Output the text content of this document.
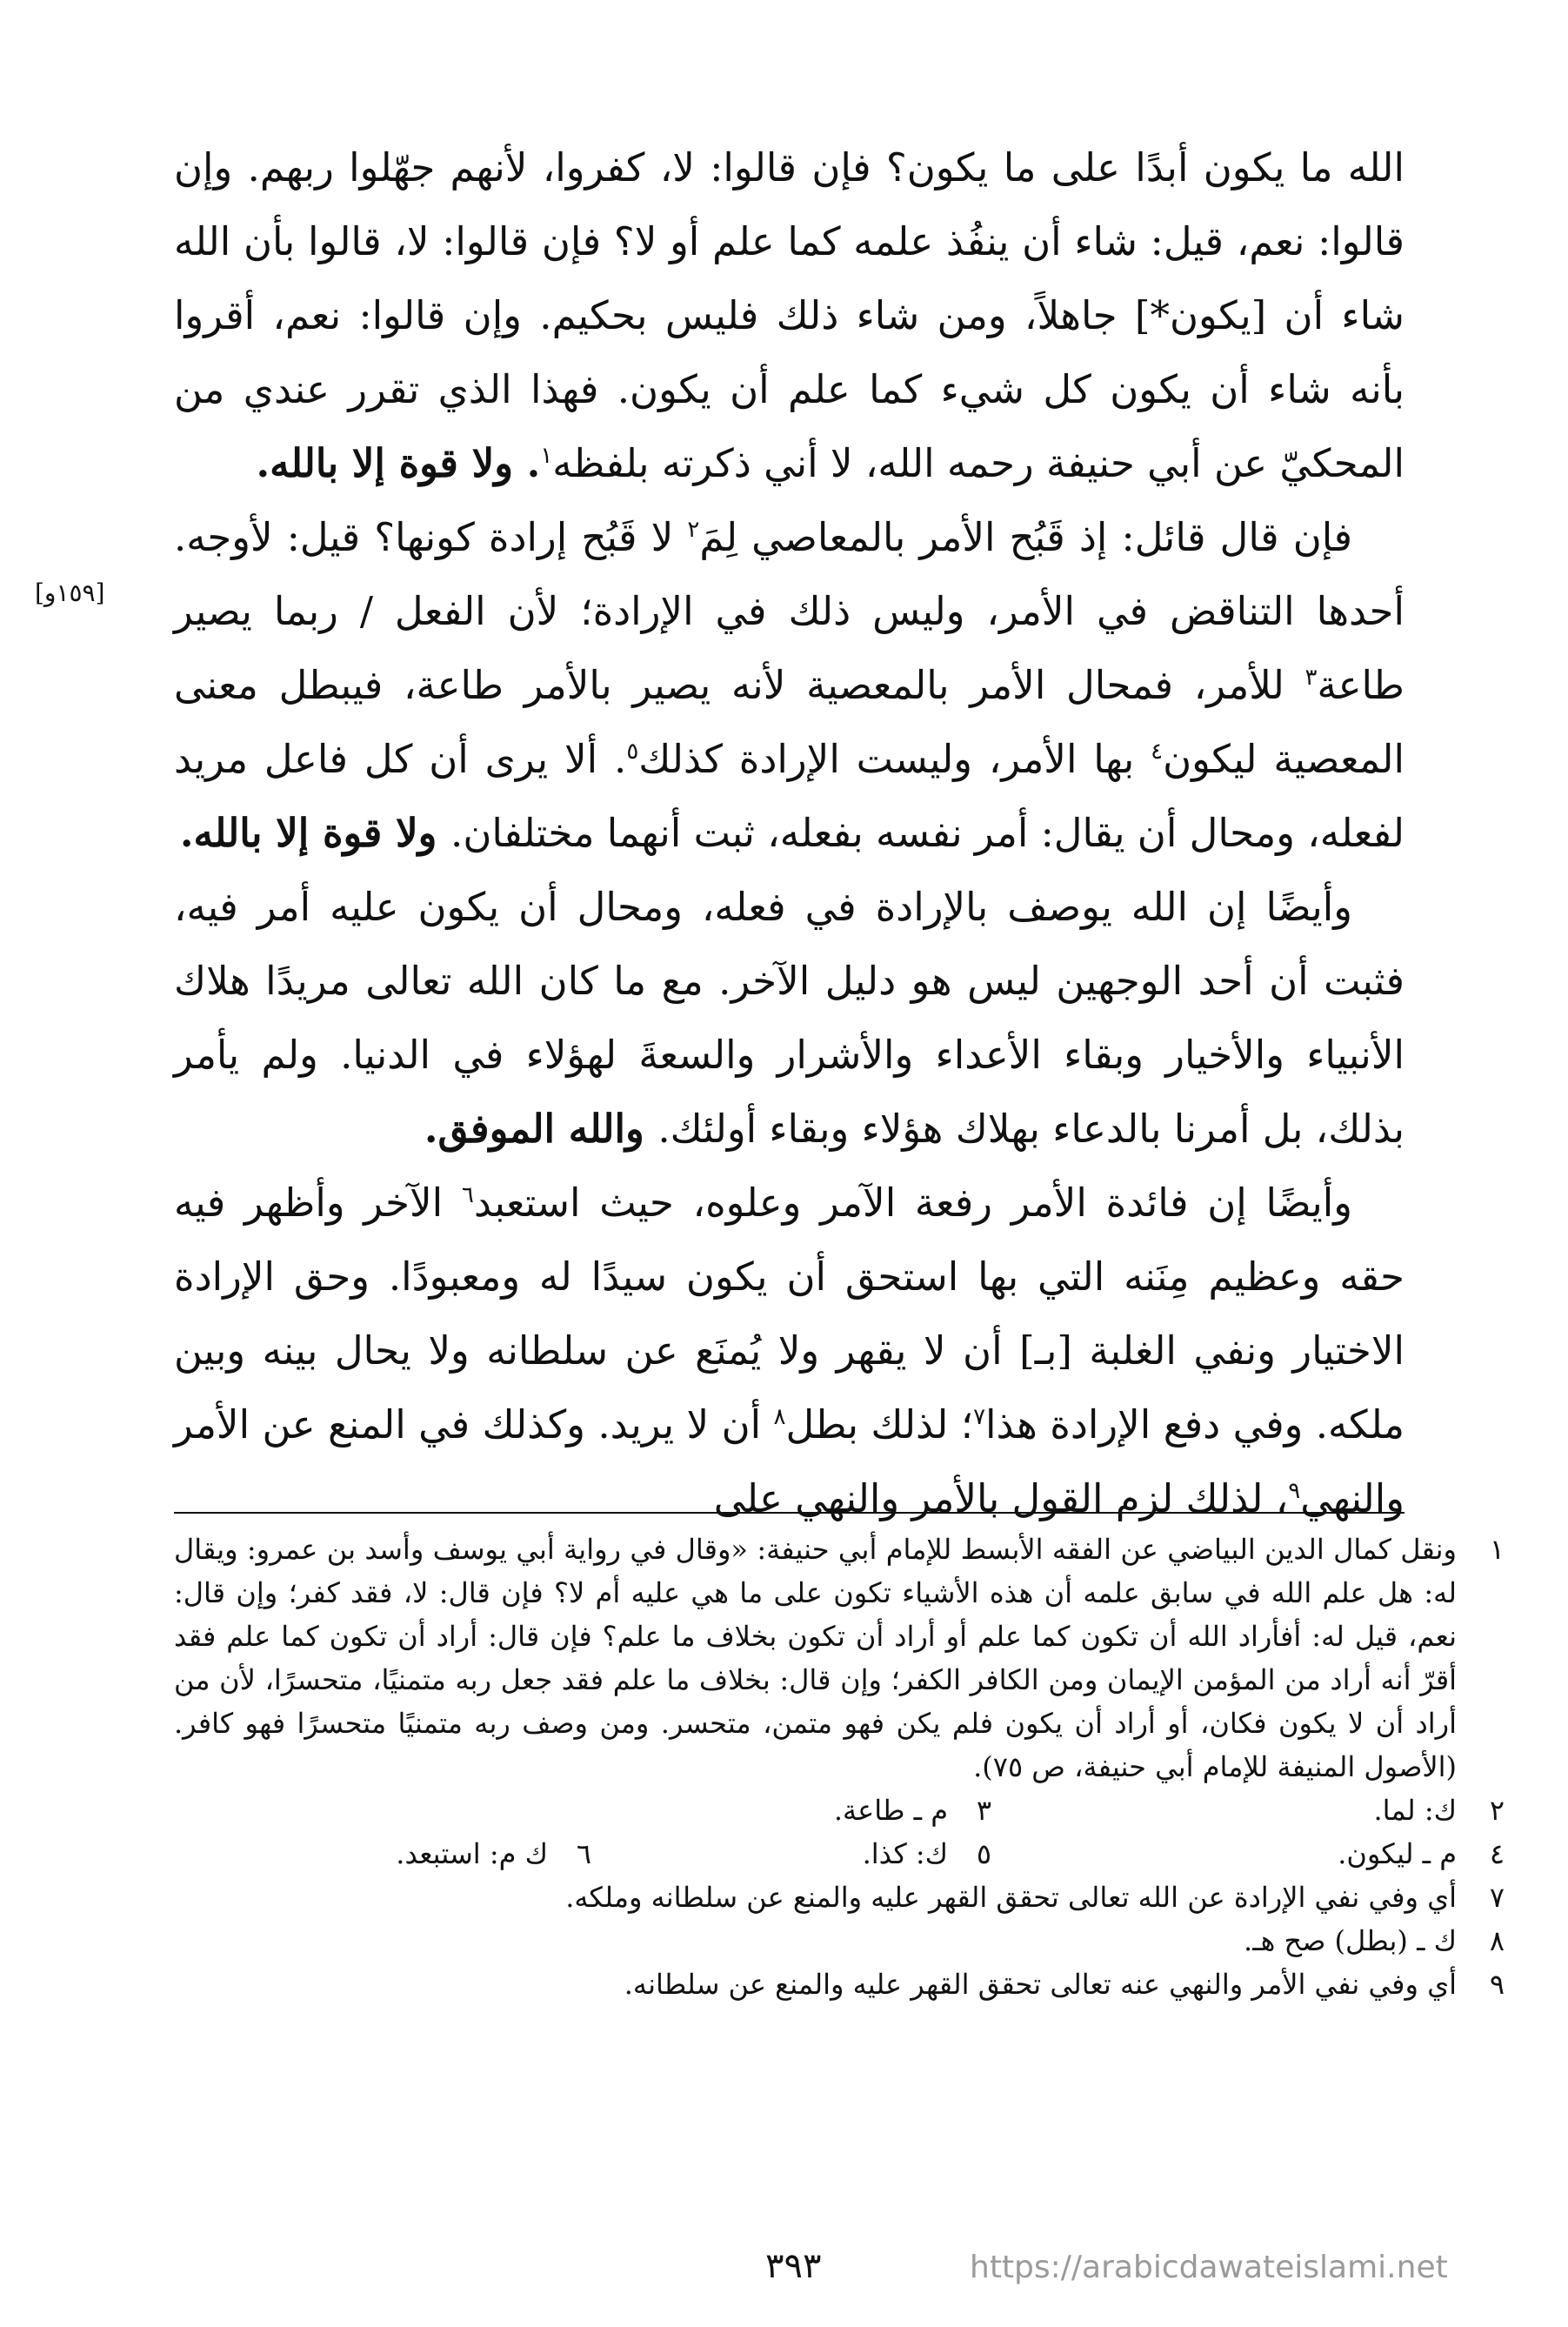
الله ما يكون أبدًا على ما يكون؟ فإن قالوا: لا، كفروا، لأنهم جهّلوا ربهم. وإن قالوا: نعم، قيل: شاء أن ينفُذ علمه كما علم أو لا؟ فإن قالوا: لا، قالوا بأن الله شاء أن [يكون*] جاهلاً، ومن شاء ذلك فليس بحكيم. وإن قالوا: نعم، أقروا بأنه شاء أن يكون كل شيء كما علم أن يكون. فهذا الذي تقرر عندي من المحكيّ عن أبي حنيفة رحمه الله، لا أني ذكرته بلفظه$^١$. ولا قوة إلا بالله.

فإن قال قائل: إذ قَبُح الأمر بالمعاصي لِمَ$^٢$ لا قَبُح إرادة كونها؟ قيل: لأوجه. أحدها التناقض في الأمر، وليس ذلك في الإرادة؛ لأن الفعل / ربما يصير طاعة$^٣$ للأمر، فمحال الأمر بالمعصية لأنه يصير بالأمر طاعة، فيبطل معنى المعصية ليكون$^٤$ بها الأمر، وليست الإرادة كذلك$^٥$. ألا يرى أن كل فاعل مريد لفعله، ومحال أن يقال: أمر نفسه بفعله، ثبت أنهما مختلفان. ولا قوة إلا بالله.

وأيضًا إن الله يوصف بالإرادة في فعله، ومحال أن يكون عليه أمر فيه، فثبت أن أحد الوجهين ليس هو دليل الآخر. مع ما كان الله تعالى مريدًا هلاك الأنبياء والأخيار وبقاء الأعداء والأشرار والسعةَ لهؤلاء في الدنيا. ولم يأمر بذلك، بل أمرنا بالدعاء بهلاك هؤلاء وبقاء أولئك. والله الموفق.

وأيضًا إن فائدة الأمر رفعة الآمر وعلوه، حيث استعبد$^٦$ الآخر وأظهر فيه حقه وعظيم مِنَنه التي بها استحق أن يكون سيدًا له ومعبودًا. وحق الإرادة الاختيار ونفي الغلبة [بـ] أن لا يقهر ولا يُمنَع عن سلطانه ولا يحال بينه وبين ملكه. وفي دفع الإرادة هذا$^٧$؛ لذلك بطل$^٨$ أن لا يريد. وكذلك في المنع عن الأمر والنهي$^٩$، لذلك لزم القول بالأمر والنهي على

[١٥٩و]
١
ونقل كمال الدين البياضي عن الفقه الأبسط للإمام أبي حنيفة: «وقال في رواية أبي يوسف وأسد بن عمرو: ويقال له: هل علم الله في سابق علمه أن هذه الأشياء تكون على ما هي عليه أم لا؟ فإن قال: لا، فقد كفر؛ وإن قال: نعم، قيل له: أفأراد الله أن تكون كما علم أو أراد أن تكون بخلاف ما علم؟ فإن قال: أراد أن تكون كما علم فقد أقرّ أنه أراد من المؤمن الإيمان ومن الكافر الكفر؛ وإن قال: بخلاف ما علم فقد جعل ربه متمنيًا، متحسرًا، لأن من أراد أن لا يكون فكان، أو أراد أن يكون فلم يكن فهو متمن، متحسر. ومن وصف ربه متمنيًا متحسرًا فهو كافر. (الأصول المنيفة للإمام أبي حنيفة، ص ٧٥).
٢
ك: لما.
٣
م ـ طاعة.
٤
م ـ ليكون.
٥
ك: كذا.
٦
ك م: استبعد.
٧
أي وفي نفي الإرادة عن الله تعالى تحقق القهر عليه والمنع عن سلطانه وملكه.
٨
ك ـ (بطل) صح هـ.
٩
أي وفي نفي الأمر والنهي عنه تعالى تحقق القهر عليه والمنع عن سلطانه.
٣٩٣	https://arabicdawateislami.net
